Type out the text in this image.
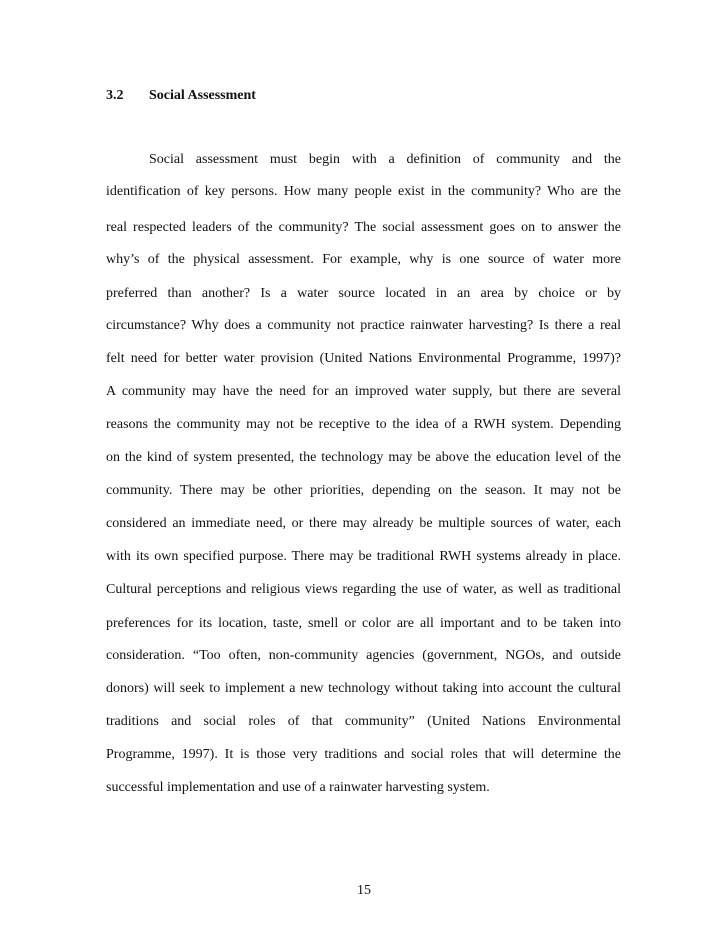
3.2 Social Assessment
Social assessment must begin with a definition of community and the
identification of key persons. How many people exist in the community? Who are the
real respected leaders of the community? The social assessment goes on to answer the
why’s of the physical assessment. For example, why is one source of water more
preferred than another? Is a water source located in an area by choice or by
circumstance? Why does a community not practice rainwater harvesting? Is there a real
felt need for better water provision (United Nations Environmental Programme, 1997)?
A community may have the need for an improved water supply, but there are several
reasons the community may not be receptive to the idea of a RWH system. Depending
on the kind of system presented, the technology may be above the education level of the
community. There may be other priorities, depending on the season. It may not be
considered an immediate need, or there may already be multiple sources of water, each
with its own specified purpose. There may be traditional RWH systems already in place.
Cultural perceptions and religious views regarding the use of water, as well as traditional
preferences for its location, taste, smell or color are all important and to be taken into
consideration. “Too often, non-community agencies (government, NGOs, and outside
donors) will seek to implement a new technology without taking into account the cultural
traditions and social roles of that community” (United Nations Environmental
Programme, 1997). It is those very traditions and social roles that will determine the
successful implementation and use of a rainwater harvesting system.
15
